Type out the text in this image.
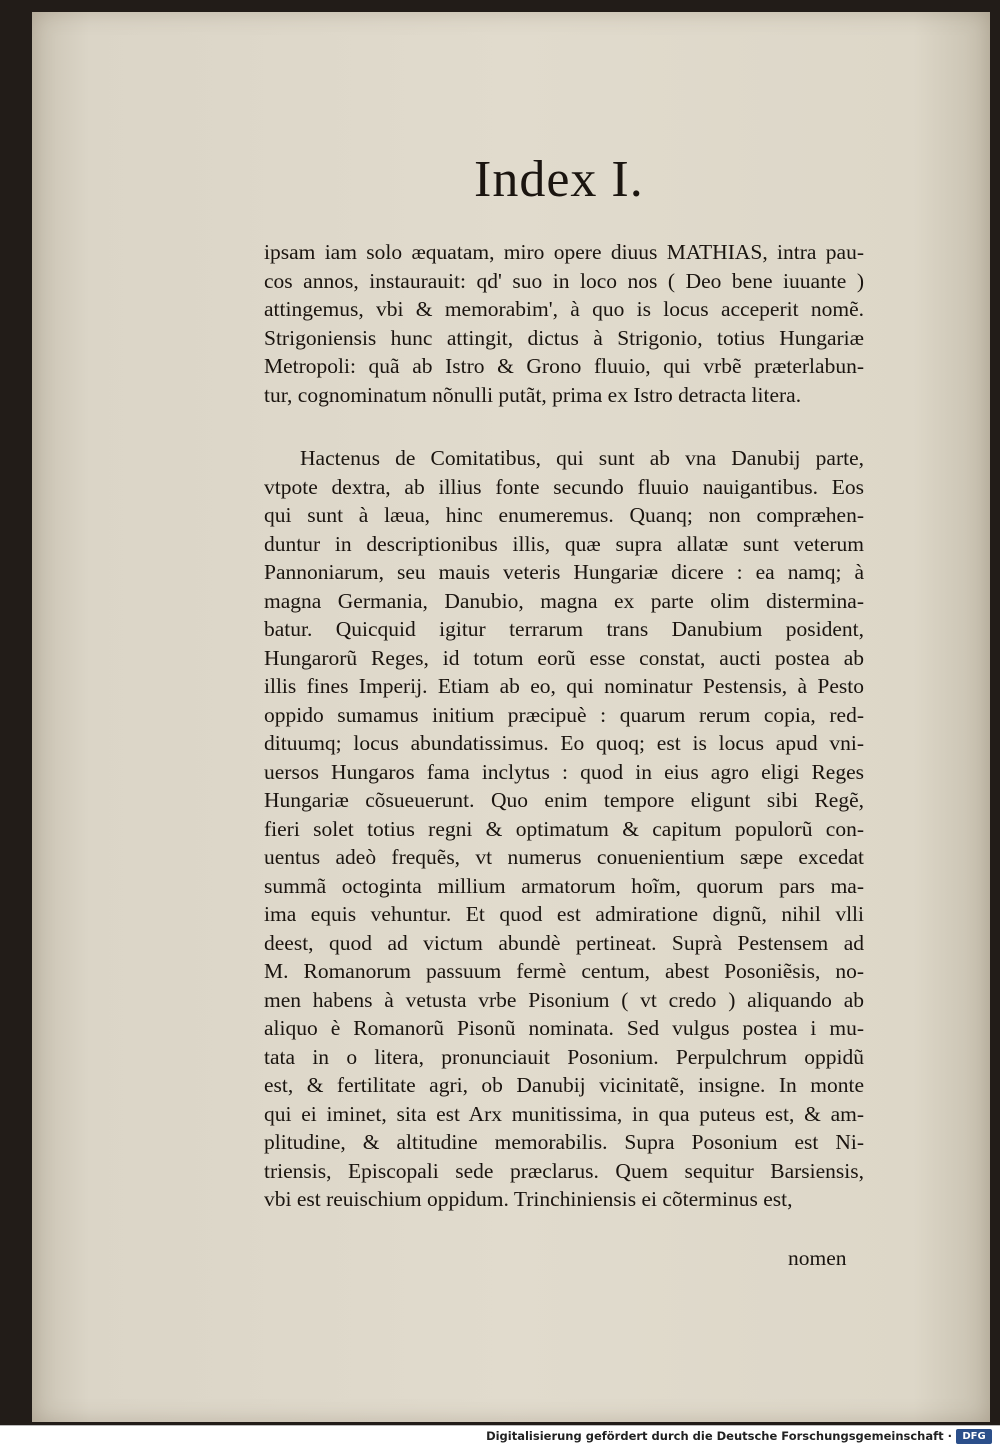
Index I.
ipsam iam solo æquatam, miro opere diuus MATHIAS, intra pau-
cos annos, instaurauit: qd' suo in loco nos ( Deo bene iuuante )
attingemus, vbi & memorabim', à quo is locus acceperit nomẽ.
Strigoniensis hunc attingit, dictus à Strigonio, totius Hungariæ
Metropoli: quã ab Istro & Grono fluuio, qui vrbẽ præterlabun-
tur, cognominatum nõnulli putãt, prima ex Istro detracta litera.
Hactenus de Comitatibus, qui sunt ab vna Danubij parte,
vtpote dextra, ab illius fonte secundo fluuio nauigantibus. Eos
qui sunt à læua, hinc enumeremus. Quanq; non compræhen-
duntur in descriptionibus illis, quæ supra allatæ sunt veterum
Pannoniarum, seu mauis veteris Hungariæ dicere : ea namq; à
magna Germania, Danubio, magna ex parte olim distermina-
batur. Quicquid igitur terrarum trans Danubium posident,
Hungarorũ Reges, id totum eorũ esse constat, aucti postea ab
illis fines Imperij. Etiam ab eo, qui nominatur Pestensis, à Pesto
oppido sumamus initium præcipuè : quarum rerum copia, red-
dituumq; locus abundatissimus. Eo quoq; est is locus apud vni-
uersos Hungaros fama inclytus : quod in eius agro eligi Reges
Hungariæ cõsueuerunt. Quo enim tempore eligunt sibi Regẽ,
fieri solet totius regni & optimatum & capitum populorũ con-
uentus adeò frequẽs, vt numerus conuenientium sæpe excedat
summã octoginta millium armatorum hoĩm, quorum pars ma-
ima equis vehuntur. Et quod est admiratione dignũ, nihil vlli
deest, quod ad victum abundè pertineat. Suprà Pestensem ad
M. Romanorum passuum fermè centum, abest Posoniẽsis, no-
men habens à vetusta vrbe Pisonium ( vt credo ) aliquando ab
aliquo è Romanorũ Pisonũ nominata. Sed vulgus postea i mu-
tata in o litera, pronunciauit Posonium. Perpulchrum oppidũ
est, & fertilitate agri, ob Danubij vicinitatẽ, insigne. In monte
qui ei iminet, sita est Arx munitissima, in qua puteus est, & am-
plitudine, & altitudine memorabilis. Supra Posonium est Ni-
triensis, Episcopali sede præclarus. Quem sequitur Barsiensis,
vbi est reuischium oppidum. Trinchiniensis ei cõterminus est,
nomen
Digitalisierung gefördert durch die Deutsche Forschungsgemeinschaft ·	DFG
